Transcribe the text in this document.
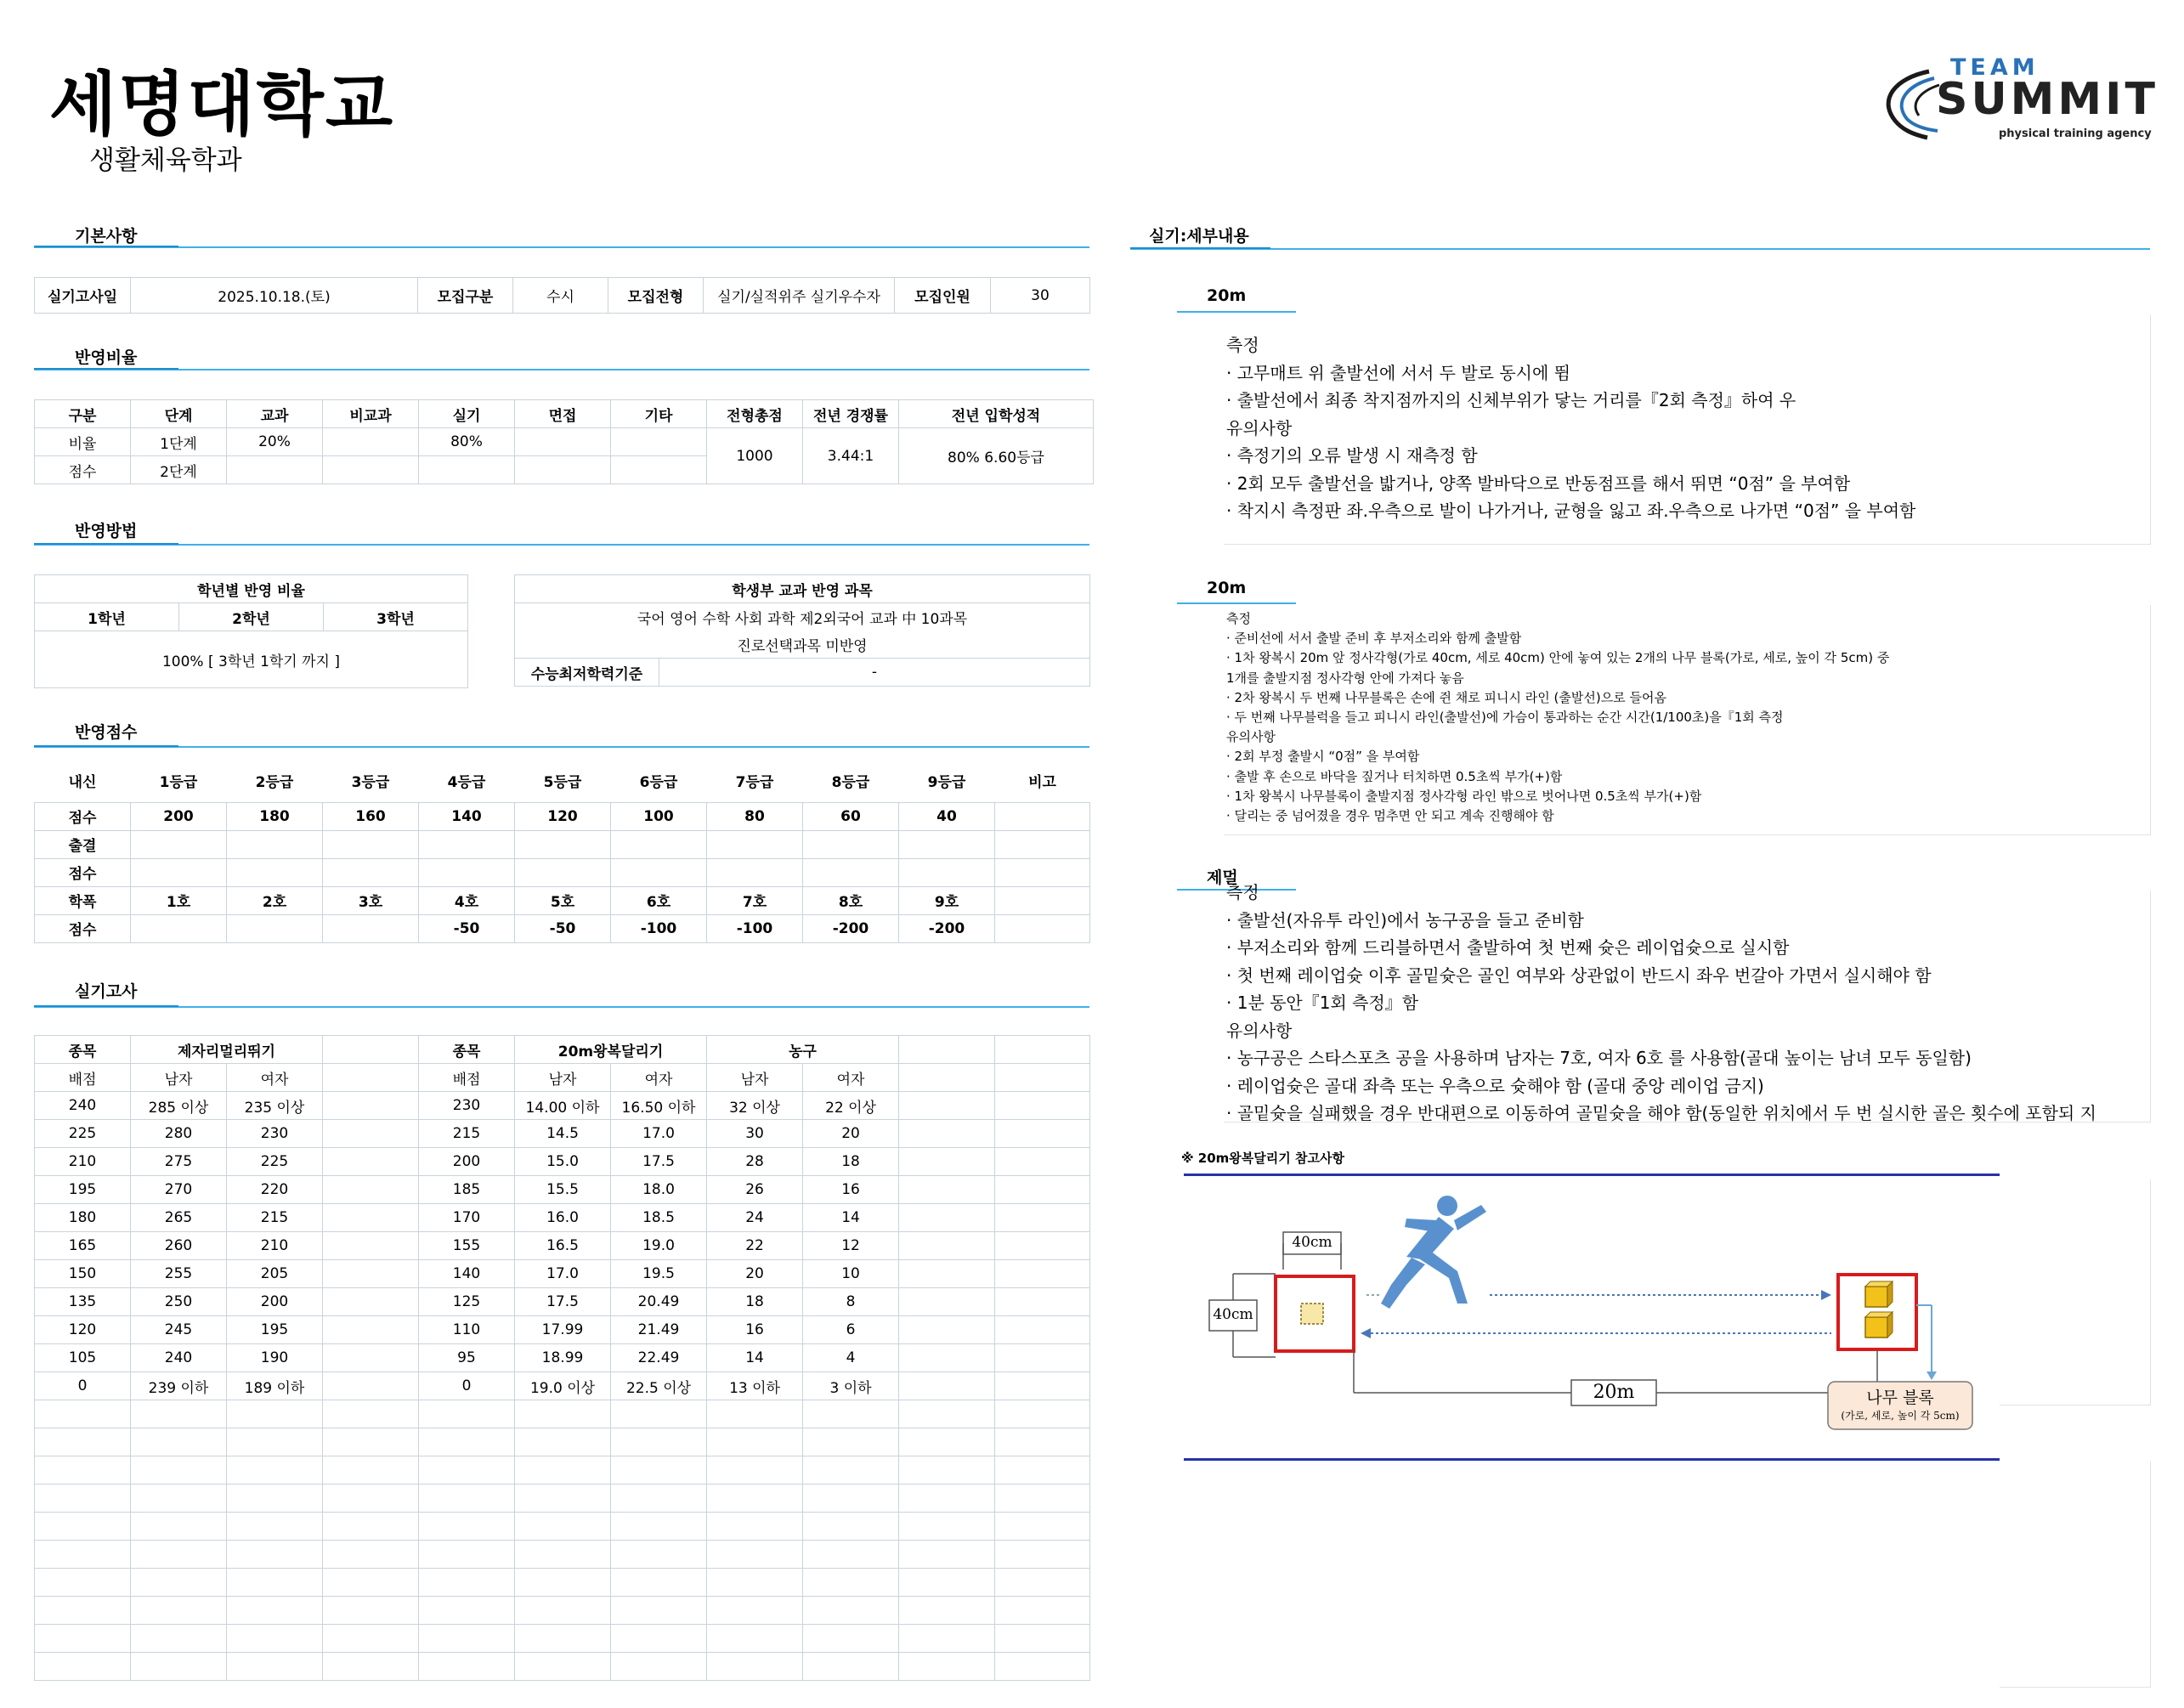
세명대학교
생활체육학과
TEAM
SUMMIT
physical training agency
기본사항
실기고사일	2025.10.18.(토)	모집구분	수시	모집전형	실기/실적위주 실기우수자	모집인원	30
반영비율
구분	단계	교과	비교과	실기	면접	기타	전형총점	전년 경쟁률	전년 입학성적
비율	1단계	20%		80%			1000	3.44:1	80% 6.60등급
점수	2단계								
반영방법
학년별 반영 비율
1학년	2학년	3학년
100% [ 3학년 1학기 까지 ]
학생부 교과 반영 과목
국어 영어 수학 사회 과학 제2외국어 교과 中 10과목
진로선택과목 미반영
수능최저학력기준	-
반영점수
내신	1등급	2등급	3등급	4등급	5등급	6등급	7등급	8등급	9등급	비고
점수	200	180	160	140	120	100	80	60	40	
출결										
점수										
학폭	1호	2호	3호	4호	5호	6호	7호	8호	9호	
점수				-50	-50	-100	-100	-200	-200	
실기고사
종목	제자리멀리뛰기			종목	20m왕복달리기		농구			
배점	남자	여자		배점	남자	여자	남자	여자		
240	285 이상	235 이상		230	14.00 이하	16.50 이하	32 이상	22 이상		
225	280	230		215	14.5	17.0	30	20		
210	275	225		200	15.0	17.5	28	18		
195	270	220		185	15.5	18.0	26	16		
180	265	215		170	16.0	18.5	24	14		
165	260	210		155	16.5	19.0	22	12		
150	255	205		140	17.0	19.5	20	10		
135	250	200		125	17.5	20.49	18	8		
120	245	195		110	17.99	21.49	16	6		
105	240	190		95	18.99	22.49	14	4		
0	239 이하	189 이하		0	19.0 이상	22.5 이상	13 이하	3 이하		

실기:세부내용
20m
측정
· 고무매트 위 출발선에 서서 두 발로 동시에 뜀
· 출발선에서 최종 착지점까지의 신체부위가 닿는 거리를『2회 측정』하여 우
유의사항
· 측정기의 오류 발생 시 재측정 함
· 2회 모두 출발선을 밟거나, 양쪽 발바닥으로 반동점프를 해서 뛰면 “0점” 을 부여함
· 착지시 측정판 좌.우측으로 발이 나가거나, 균형을 잃고 좌.우측으로 나가면 “0점” 을 부여함
20m
측정
· 준비선에 서서 출발 준비 후 부저소리와 함께 출발함
· 1차 왕복시 20m 앞 정사각형(가로 40cm, 세로 40cm) 안에 놓여 있는 2개의 나무 블록(가로, 세로, 높이 각 5cm) 중
1개를 출발지점 정사각형 안에 가져다 놓음
· 2차 왕복시 두 번째 나무블록은 손에 쥔 채로 피니시 라인 (출발선)으로 들어옴
· 두 번째 나무블럭을 들고 피니시 라인(출발선)에 가슴이 통과하는 순간 시간(1/100초)을『1회 측정
유의사항
· 2회 부정 출발시 “0점” 을 부여함
· 출발 후 손으로 바닥을 짚거나 터치하면 0.5초씩 부가(+)함
· 1차 왕복시 나무블록이 출발지점 정사각형 라인 밖으로 벗어나면 0.5초씩 부가(+)함
· 달리는 중 넘어졌을 경우 멈추면 안 되고 계속 진행해야 함
제멀
측정
· 출발선(자유투 라인)에서 농구공을 들고 준비함
· 부저소리와 함께 드리블하면서 출발하여 첫 번째 슛은 레이업슛으로 실시함
· 첫 번째 레이업슛 이후 골밑슛은 골인 여부와 상관없이 반드시 좌우 번갈아 가면서 실시해야 함
· 1분 동안『1회 측정』함
유의사항
· 농구공은 스타스포츠 공을 사용하며 남자는 7호, 여자 6호 를 사용함(골대 높이는 남녀 모두 동일함)
· 레이업슛은 골대 좌측 또는 우측으로 슛해야 함 (골대 중앙 레이업 금지)
· 골밑슛을 실패했을 경우 반대편으로 이동하여 골밑슛을 해야 함(동일한 위치에서 두 번 실시한 골은 횟수에 포함되 지
※ 20m왕복달리기 참고사항
40cm
40cm
20m	나무 블록
(가로, 세로, 높이 각 5cm)
